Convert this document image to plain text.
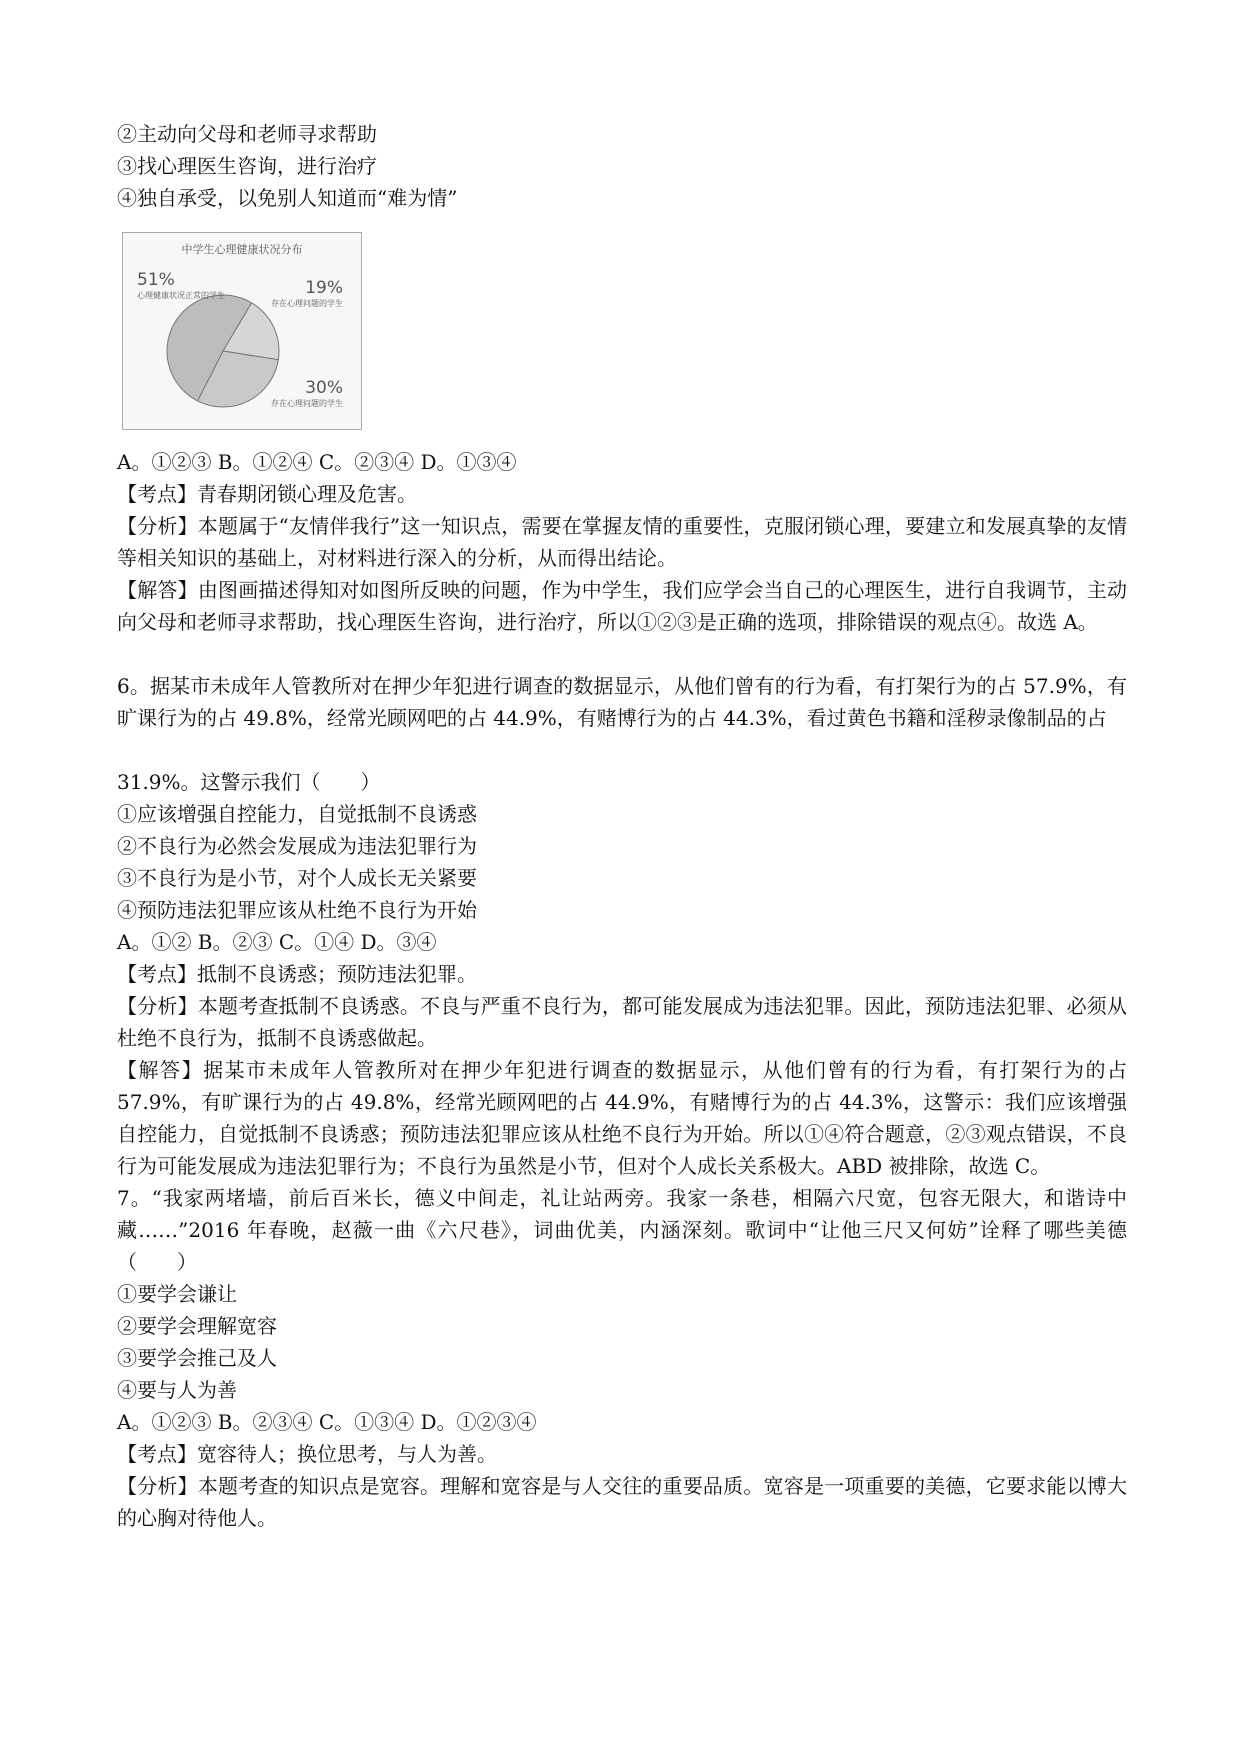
②主动向父母和老师寻求帮助
③找心理医生咨询，进行治疗
④独自承受，以免别人知道而“难为情”
中学生心理健康状况分布
51%
心理健康状况正常的学生	19%
存在心理问题的学生
30%
存在心理问题的学生
A。①②③ B。①②④ C。②③④ D。①③④
【考点】青春期闭锁心理及危害。
【分析】本题属于“友情伴我行”这一知识点，需要在掌握友情的重要性，克服闭锁心理，要建立和发展真挚的友情等相关知识的基础上，对材料进行深入的分析，从而得出结论。
【解答】由图画描述得知对如图所反映的问题，作为中学生，我们应学会当自己的心理医生，进行自我调节，主动向父母和老师寻求帮助，找心理医生咨询，进行治疗，所以①②③是正确的选项，排除错误的观点④。故选 A。
6。据某市未成年人管教所对在押少年犯进行调查的数据显示，从他们曾有的行为看，有打架行为的占 57.9%，有旷课行为的占 49.8%，经常光顾网吧的占 44.9%，有赌博行为的占 44.3%，看过黄色书籍和淫秽录像制品的占
31.9%。这警示我们（　　）
①应该增强自控能力，自觉抵制不良诱惑
②不良行为必然会发展成为违法犯罪行为
③不良行为是小节，对个人成长无关紧要
④预防违法犯罪应该从杜绝不良行为开始
A。①② B。②③ C。①④ D。③④
【考点】抵制不良诱惑；预防违法犯罪。
【分析】本题考查抵制不良诱惑。不良与严重不良行为，都可能发展成为违法犯罪。因此，预防违法犯罪、必须从杜绝不良行为，抵制不良诱惑做起。
【解答】据某市未成年人管教所对在押少年犯进行调查的数据显示，从他们曾有的行为看，有打架行为的占 57.9%，有旷课行为的占 49.8%，经常光顾网吧的占 44.9%，有赌博行为的占 44.3%，这警示：我们应该增强自控能力，自觉抵制不良诱惑；预防违法犯罪应该从杜绝不良行为开始。所以①④符合题意，②③观点错误，不良行为可能发展成为违法犯罪行为；不良行为虽然是小节，但对个人成长关系极大。ABD 被排除，故选 C。
7。“我家两堵墙，前后百米长，德义中间走，礼让站两旁。我家一条巷，相隔六尺宽，包容无限大，和谐诗中藏……”2016 年春晚，赵薇一曲《六尺巷》，词曲优美，内涵深刻。歌词中“让他三尺又何妨”诠释了哪些美德（　　）
①要学会谦让
②要学会理解宽容
③要学会推己及人
④要与人为善
A。①②③ B。②③④ C。①③④ D。①②③④
【考点】宽容待人；换位思考，与人为善。
【分析】本题考查的知识点是宽容。理解和宽容是与人交往的重要品质。宽容是一项重要的美德，它要求能以博大的心胸对待他人。
